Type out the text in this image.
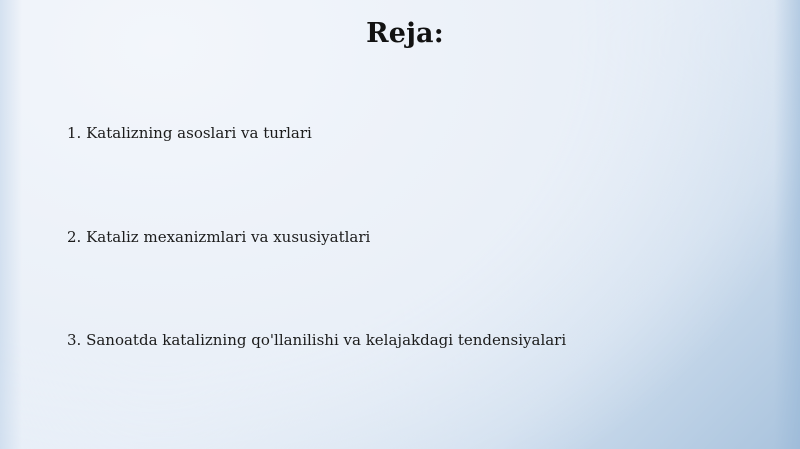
Reja:
1. Katalizning asoslari va turlari
2. Kataliz mexanizmlari va xususiyatlari
3. Sanoatda katalizning qo'llanilishi va kelajakdagi tendensiyalari
